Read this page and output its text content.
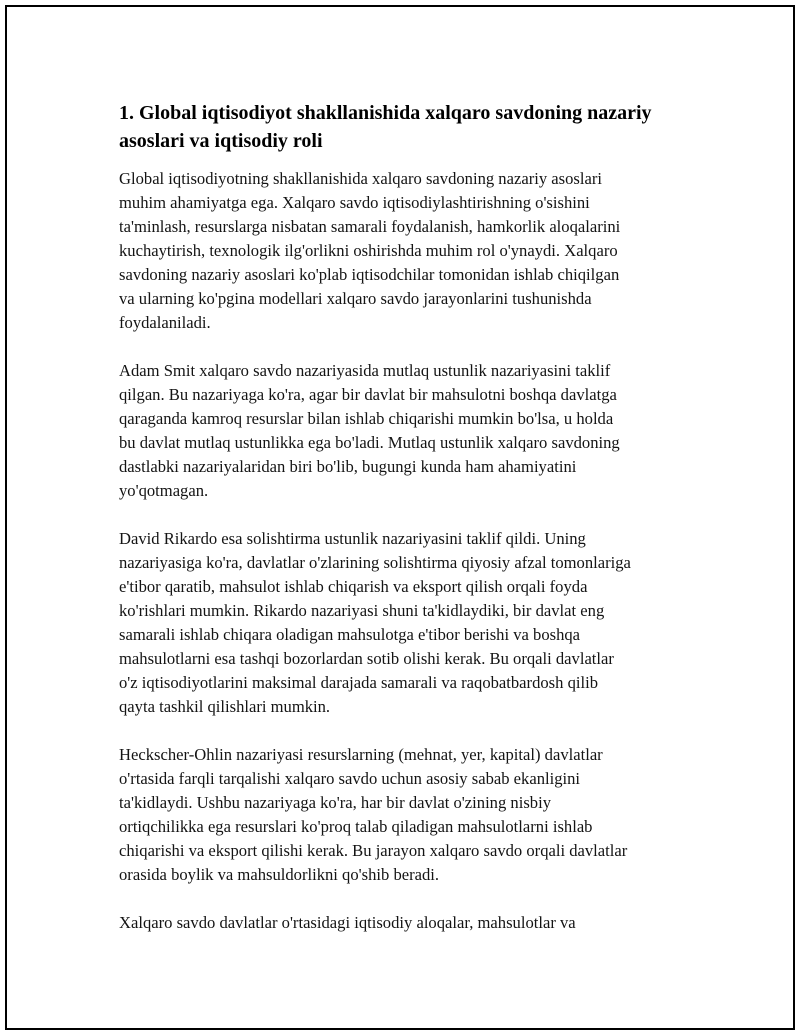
1. Global iqtisodiyot shakllanishida xalqaro savdoning nazariy
asoslari va iqtisodiy roli

Global iqtisodiyotning shakllanishida xalqaro savdoning nazariy asoslari
muhim ahamiyatga ega. Xalqaro savdo iqtisodiylashtirishning o'sishini
ta'minlash, resurslarga nisbatan samarali foydalanish, hamkorlik aloqalarini
kuchaytirish, texnologik ilg'orlikni oshirishda muhim rol o'ynaydi. Xalqaro
savdoning nazariy asoslari ko'plab iqtisodchilar tomonidan ishlab chiqilgan
va ularning ko'pgina modellari xalqaro savdo jarayonlarini tushunishda
foydalaniladi.

Adam Smit xalqaro savdo nazariyasida mutlaq ustunlik nazariyasini taklif
qilgan. Bu nazariyaga ko'ra, agar bir davlat bir mahsulotni boshqa davlatga
qaraganda kamroq resurslar bilan ishlab chiqarishi mumkin bo'lsa, u holda
bu davlat mutlaq ustunlikka ega bo'ladi. Mutlaq ustunlik xalqaro savdoning
dastlabki nazariyalaridan biri bo'lib, bugungi kunda ham ahamiyatini
yo'qotmagan.

David Rikardo esa solishtirma ustunlik nazariyasini taklif qildi. Uning
nazariyasiga ko'ra, davlatlar o'zlarining solishtirma qiyosiy afzal tomonlariga
e'tibor qaratib, mahsulot ishlab chiqarish va eksport qilish orqali foyda
ko'rishlari mumkin. Rikardo nazariyasi shuni ta'kidlaydiki, bir davlat eng
samarali ishlab chiqara oladigan mahsulotga e'tibor berishi va boshqa
mahsulotlarni esa tashqi bozorlardan sotib olishi kerak. Bu orqali davlatlar
o'z iqtisodiyotlarini maksimal darajada samarali va raqobatbardosh qilib
qayta tashkil qilishlari mumkin.

Heckscher-Ohlin nazariyasi resurslarning (mehnat, yer, kapital) davlatlar
o'rtasida farqli tarqalishi xalqaro savdo uchun asosiy sabab ekanligini
ta'kidlaydi. Ushbu nazariyaga ko'ra, har bir davlat o'zining nisbiy
ortiqchilikka ega resurslari ko'proq talab qiladigan mahsulotlarni ishlab
chiqarishi va eksport qilishi kerak. Bu jarayon xalqaro savdo orqali davlatlar
orasida boylik va mahsuldorlikni qo'shib beradi.

Xalqaro savdo davlatlar o'rtasidagi iqtisodiy aloqalar, mahsulotlar va
